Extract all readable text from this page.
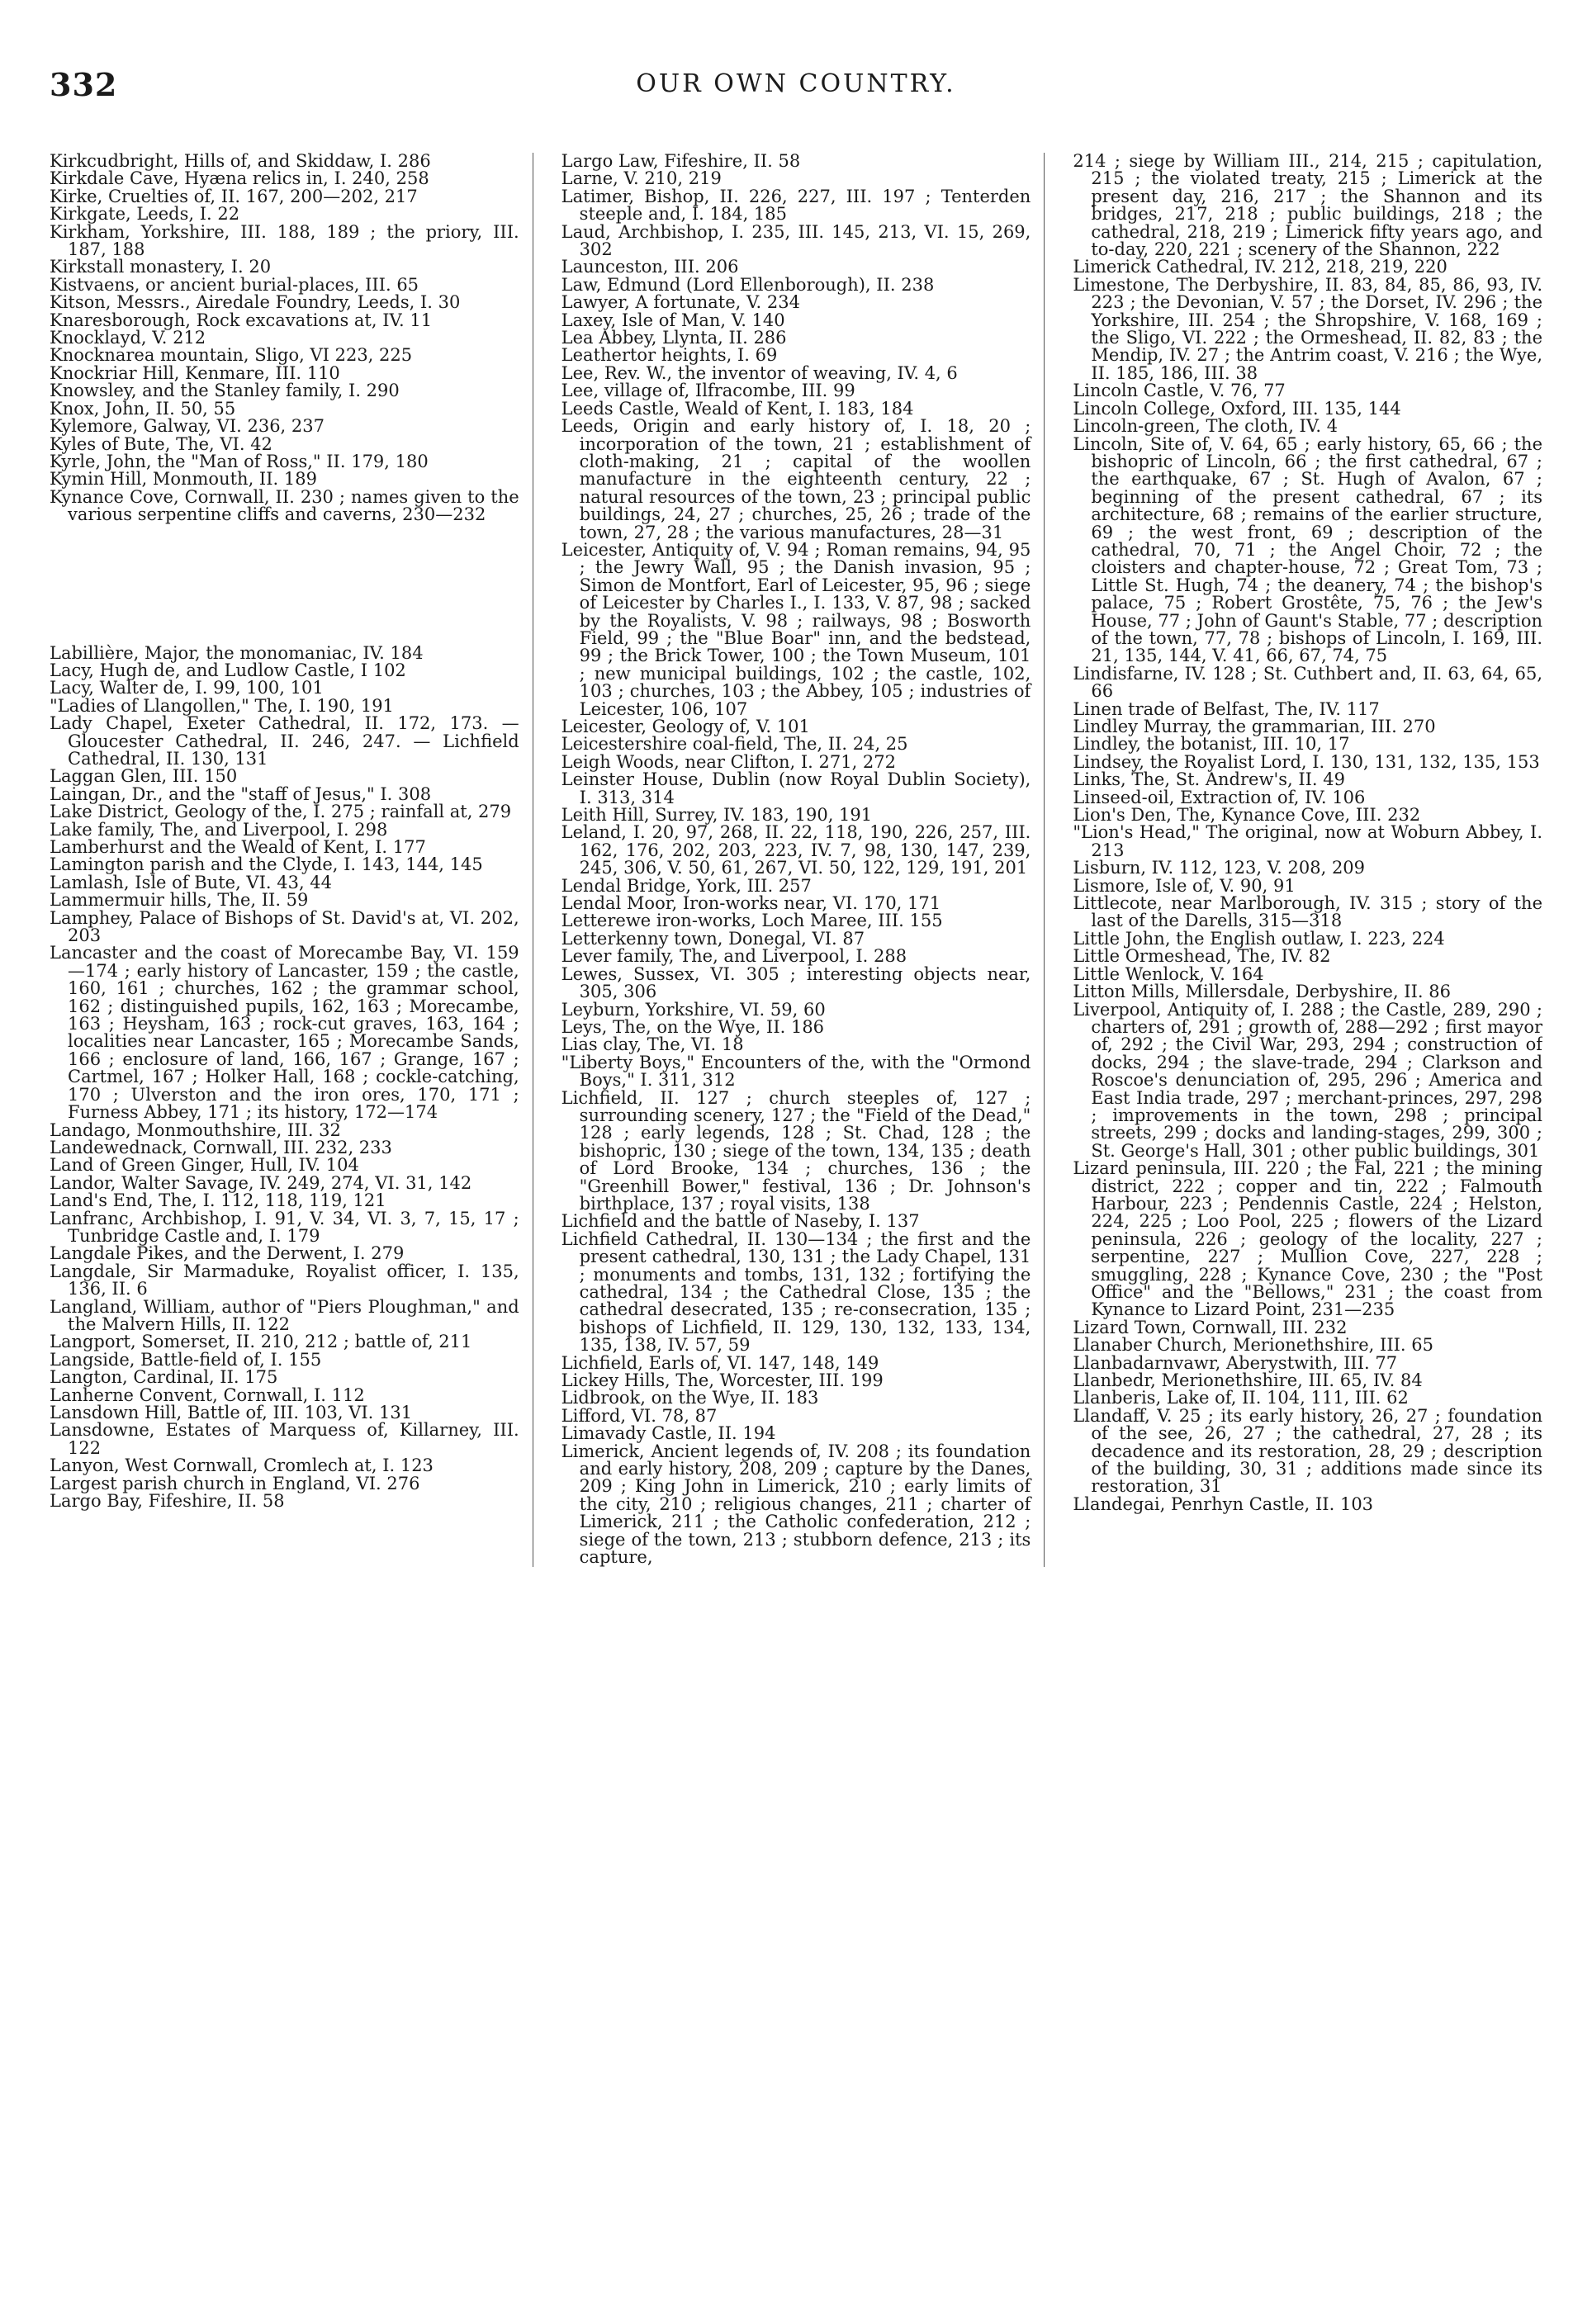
332	OUR OWN COUNTRY.

Kirkcudbright, Hills of, and Skiddaw, I. 286

Kirkdale Cave, Hyæna relics in, I. 240, 258

Kirke, Cruelties of, II. 167, 200—202, 217

Kirkgate, Leeds, I. 22

Kirkham, Yorkshire, III. 188, 189 ; the priory, III. 187, 188

Kirkstall monastery, I. 20

Kistvaens, or ancient burial-places, III. 65

Kitson, Messrs., Airedale Foundry, Leeds, I. 30

Knaresborough, Rock excavations at, IV. 11

Knocklayd, V. 212

Knocknarea mountain, Sligo, VI 223, 225

Knockriar Hill, Kenmare, III. 110

Knowsley, and the Stanley family, I. 290

Knox, John, II. 50, 55

Kylemore, Galway, VI. 236, 237

Kyles of Bute, The, VI. 42

Kyrle, John, the "Man of Ross," II. 179, 180

Kymin Hill, Monmouth, II. 189

Kynance Cove, Cornwall, II. 230 ; names given to the various serpentine cliffs and caverns, 230—232

Labillière, Major, the monomaniac, IV. 184

Lacy, Hugh de, and Ludlow Castle, I 102

Lacy, Walter de, I. 99, 100, 101

"Ladies of Llangollen," The, I. 190, 191

Lady Chapel, Exeter Cathedral, II. 172, 173. — Gloucester Cathedral, II. 246, 247. — Lichfield Cathedral, II. 130, 131

Laggan Glen, III. 150

Laingan, Dr., and the "staff of Jesus," I. 308

Lake District, Geology of the, I. 275 ; rainfall at, 279

Lake family, The, and Liverpool, I. 298

Lamberhurst and the Weald of Kent, I. 177

Lamington parish and the Clyde, I. 143, 144, 145

Lamlash, Isle of Bute, VI. 43, 44

Lammermuir hills, The, II. 59

Lamphey, Palace of Bishops of St. David's at, VI. 202, 203

Lancaster and the coast of Morecambe Bay, VI. 159—174 ; early history of Lancaster, 159 ; the castle, 160, 161 ; churches, 162 ; the grammar school, 162 ; distinguished pupils, 162, 163 ; Morecambe, 163 ; Heysham, 163 ; rock-cut graves, 163, 164 ; localities near Lancaster, 165 ; Morecambe Sands, 166 ; enclosure of land, 166, 167 ; Grange, 167 ; Cartmel, 167 ; Holker Hall, 168 ; cockle-catching, 170 ; Ulverston and the iron ores, 170, 171 ; Furness Abbey, 171 ; its history, 172—174

Landago, Monmouthshire, III. 32

Landewednack, Cornwall, III. 232, 233

Land of Green Ginger, Hull, IV. 104

Landor, Walter Savage, IV. 249, 274, VI. 31, 142

Land's End, The, I. 112, 118, 119, 121

Lanfranc, Archbishop, I. 91, V. 34, VI. 3, 7, 15, 17 ; Tunbridge Castle and, I. 179

Langdale Pikes, and the Derwent, I. 279

Langdale, Sir Marmaduke, Royalist officer, I. 135, 136, II. 6

Langland, William, author of "Piers Ploughman," and the Malvern Hills, II. 122

Langport, Somerset, II. 210, 212 ; battle of, 211

Langside, Battle-field of, I. 155

Langton, Cardinal, II. 175

Lanherne Convent, Cornwall, I. 112

Lansdown Hill, Battle of, III. 103, VI. 131

Lansdowne, Estates of Marquess of, Killarney, III. 122

Lanyon, West Cornwall, Cromlech at, I. 123

Largest parish church in England, VI. 276

Largo Bay, Fifeshire, II. 58

Largo Law, Fifeshire, II. 58

Larne, V. 210, 219

Latimer, Bishop, II. 226, 227, III. 197 ; Tenterden steeple and, I. 184, 185

Laud, Archbishop, I. 235, III. 145, 213, VI. 15, 269, 302

Launceston, III. 206

Law, Edmund (Lord Ellenborough), II. 238

Lawyer, A fortunate, V. 234

Laxey, Isle of Man, V. 140

Lea Abbey, Llynta, II. 286

Leathertor heights, I. 69

Lee, Rev. W., the inventor of weaving, IV. 4, 6

Lee, village of, Ilfracombe, III. 99

Leeds Castle, Weald of Kent, I. 183, 184

Leeds, Origin and early history of, I. 18, 20 ; incorporation of the town, 21 ; establishment of cloth-making, 21 ; capital of the woollen manufacture in the eighteenth century, 22 ; natural resources of the town, 23 ; principal public buildings, 24, 27 ; churches, 25, 26 ; trade of the town, 27, 28 ; the various manufactures, 28—31

Leicester, Antiquity of, V. 94 ; Roman remains, 94, 95 ; the Jewry Wall, 95 ; the Danish invasion, 95 ; Simon de Montfort, Earl of Leicester, 95, 96 ; siege of Leicester by Charles I., I. 133, V. 87, 98 ; sacked by the Royalists, V. 98 ; railways, 98 ; Bosworth Field, 99 ; the "Blue Boar" inn, and the bedstead, 99 ; the Brick Tower, 100 ; the Town Museum, 101 ; new municipal buildings, 102 ; the castle, 102, 103 ; churches, 103 ; the Abbey, 105 ; industries of Leicester, 106, 107

Leicester, Geology of, V. 101

Leicestershire coal-field, The, II. 24, 25

Leigh Woods, near Clifton, I. 271, 272

Leinster House, Dublin (now Royal Dublin Society), I. 313, 314

Leith Hill, Surrey, IV. 183, 190, 191

Leland, I. 20, 97, 268, II. 22, 118, 190, 226, 257, III. 162, 176, 202, 203, 223, IV. 7, 98, 130, 147, 239, 245, 306, V. 50, 61, 267, VI. 50, 122, 129, 191, 201

Lendal Bridge, York, III. 257

Lendal Moor, Iron-works near, VI. 170, 171

Letterewe iron-works, Loch Maree, III. 155

Letterkenny town, Donegal, VI. 87

Lever family, The, and Liverpool, I. 288

Lewes, Sussex, VI. 305 ; interesting objects near, 305, 306

Leyburn, Yorkshire, VI. 59, 60

Leys, The, on the Wye, II. 186

Lias clay, The, VI. 18

"Liberty Boys," Encounters of the, with the "Ormond Boys," I. 311, 312

Lichfield, II. 127 ; church steeples of, 127 ; surrounding scenery, 127 ; the "Field of the Dead," 128 ; early legends, 128 ; St. Chad, 128 ; the bishopric, 130 ; siege of the town, 134, 135 ; death of Lord Brooke, 134 ; churches, 136 ; the "Greenhill Bower," festival, 136 ; Dr. Johnson's birthplace, 137 ; royal visits, 138

Lichfield and the battle of Naseby, I. 137

Lichfield Cathedral, II. 130—134 ; the first and the present cathedral, 130, 131 ; the Lady Chapel, 131 ; monuments and tombs, 131, 132 ; fortifying the cathedral, 134 ; the Cathedral Close, 135 ; the cathedral desecrated, 135 ; re-consecration, 135 ; bishops of Lichfield, II. 129, 130, 132, 133, 134, 135, 138, IV. 57, 59

Lichfield, Earls of, VI. 147, 148, 149

Lickey Hills, The, Worcester, III. 199

Lidbrook, on the Wye, II. 183

Lifford, VI. 78, 87

Limavady Castle, II. 194

Limerick, Ancient legends of, IV. 208 ; its foundation and early history, 208, 209 ; capture by the Danes, 209 ; King John in Limerick, 210 ; early limits of the city, 210 ; religious changes, 211 ; charter of Limerick, 211 ; the Catholic confederation, 212 ; siege of the town, 213 ; stubborn defence, 213 ; its capture,

214 ; siege by William III., 214, 215 ; capitulation, 215 ; the violated treaty, 215 ; Limerick at the present day, 216, 217 ; the Shannon and its bridges, 217, 218 ; public buildings, 218 ; the cathedral, 218, 219 ; Limerick fifty years ago, and to-day, 220, 221 ; scenery of the Shannon, 222

Limerick Cathedral, IV. 212, 218, 219, 220

Limestone, The Derbyshire, II. 83, 84, 85, 86, 93, IV. 223 ; the Devonian, V. 57 ; the Dorset, IV. 296 ; the Yorkshire, III. 254 ; the Shropshire, V. 168, 169 ; the Sligo, VI. 222 ; the Ormeshead, II. 82, 83 ; the Mendip, IV. 27 ; the Antrim coast, V. 216 ; the Wye, II. 185, 186, III. 38

Lincoln Castle, V. 76, 77

Lincoln College, Oxford, III. 135, 144

Lincoln-green, The cloth, IV. 4

Lincoln, Site of, V. 64, 65 ; early history, 65, 66 ; the bishopric of Lincoln, 66 ; the first cathedral, 67 ; the earthquake, 67 ; St. Hugh of Avalon, 67 ; beginning of the present cathedral, 67 ; its architecture, 68 ; remains of the earlier structure, 69 ; the west front, 69 ; description of the cathedral, 70, 71 ; the Angel Choir, 72 ; the cloisters and chapter-house, 72 ; Great Tom, 73 ; Little St. Hugh, 74 ; the deanery, 74 ; the bishop's palace, 75 ; Robert Grostête, 75, 76 ; the Jew's House, 77 ; John of Gaunt's Stable, 77 ; description of the town, 77, 78 ; bishops of Lincoln, I. 169, III. 21, 135, 144, V. 41, 66, 67, 74, 75

Lindisfarne, IV. 128 ; St. Cuthbert and, II. 63, 64, 65, 66

Linen trade of Belfast, The, IV. 117

Lindley Murray, the grammarian, III. 270

Lindley, the botanist, III. 10, 17

Lindsey, the Royalist Lord, I. 130, 131, 132, 135, 153

Links, The, St. Andrew's, II. 49

Linseed-oil, Extraction of, IV. 106

Lion's Den, The, Kynance Cove, III. 232

"Lion's Head," The original, now at Woburn Abbey, I. 213

Lisburn, IV. 112, 123, V. 208, 209

Lismore, Isle of, V. 90, 91

Littlecote, near Marlborough, IV. 315 ; story of the last of the Darells, 315—318

Little John, the English outlaw, I. 223, 224

Little Ormeshead, The, IV. 82

Little Wenlock, V. 164

Litton Mills, Millersdale, Derbyshire, II. 86

Liverpool, Antiquity of, I. 288 ; the Castle, 289, 290 ; charters of, 291 ; growth of, 288—292 ; first mayor of, 292 ; the Civil War, 293, 294 ; construction of docks, 294 ; the slave-trade, 294 ; Clarkson and Roscoe's denunciation of, 295, 296 ; America and East India trade, 297 ; merchant-princes, 297, 298 ; improvements in the town, 298 ; principal streets, 299 ; docks and landing-stages, 299, 300 ; St. George's Hall, 301 ; other public buildings, 301

Lizard peninsula, III. 220 ; the Fal, 221 ; the mining district, 222 ; copper and tin, 222 ; Falmouth Harbour, 223 ; Pendennis Castle, 224 ; Helston, 224, 225 ; Loo Pool, 225 ; flowers of the Lizard peninsula, 226 ; geology of the locality, 227 ; serpentine, 227 ; Mullion Cove, 227, 228 ; smuggling, 228 ; Kynance Cove, 230 ; the "Post Office" and the "Bellows," 231 ; the coast from Kynance to Lizard Point, 231—235

Lizard Town, Cornwall, III. 232

Llanaber Church, Merionethshire, III. 65

Llanbadarnvawr, Aberystwith, III. 77

Llanbedr, Merionethshire, III. 65, IV. 84

Llanberis, Lake of, II. 104, 111, III. 62

Llandaff, V. 25 ; its early history, 26, 27 ; foundation of the see, 26, 27 ; the cathedral, 27, 28 ; its decadence and its restoration, 28, 29 ; description of the building, 30, 31 ; additions made since its restoration, 31

Llandegai, Penrhyn Castle, II. 103
